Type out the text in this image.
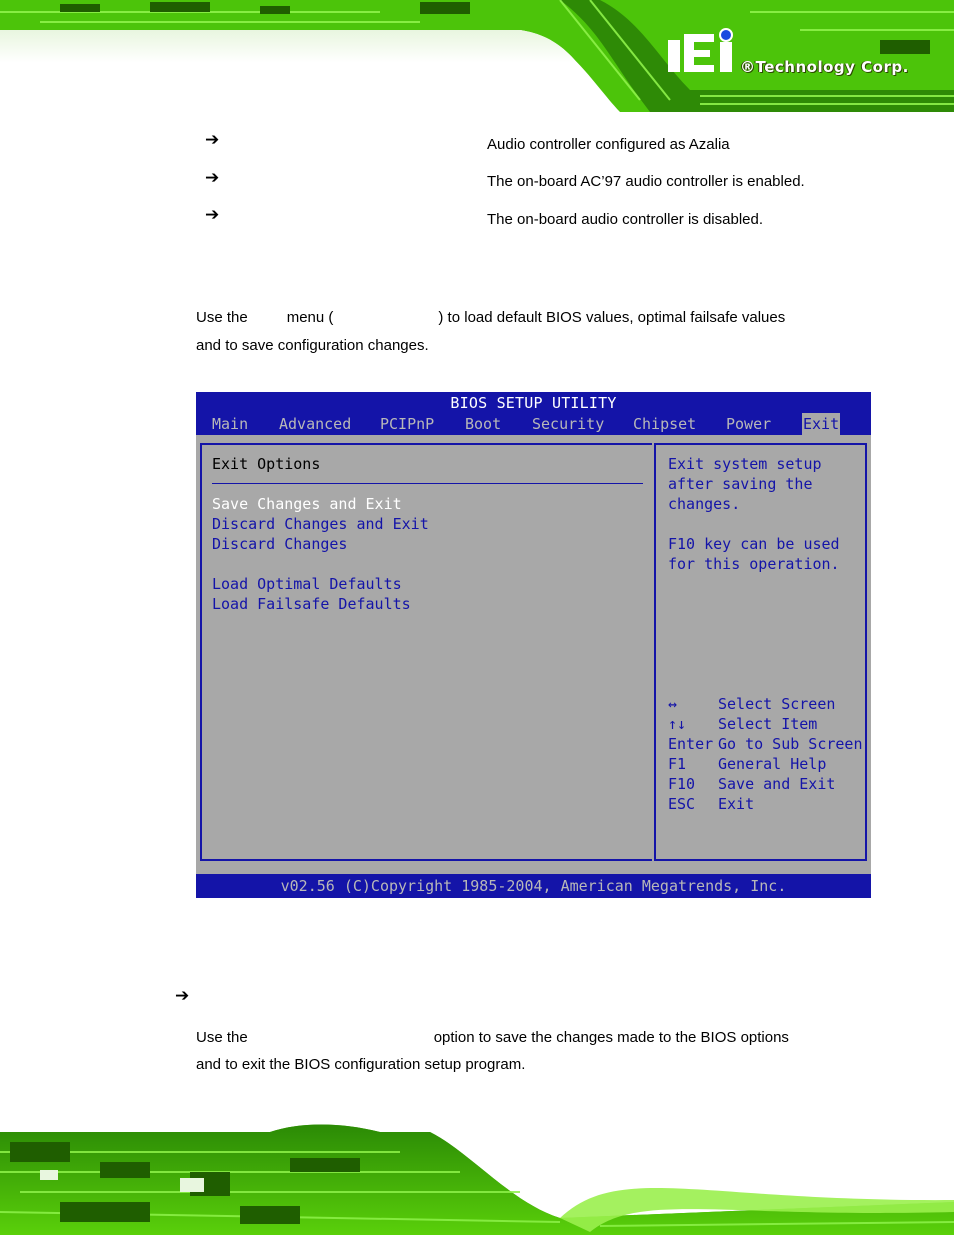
®Technology Corp.
➔	Audio controller configured as Azalia
➔	The on-board AC’97 audio controller is enabled.
➔	The on-board audio controller is disabled.
Use the	menu (	) to load default BIOS values, optimal failsafe values
and to save configuration changes.
BIOS SETUP UTILITY
Main Advanced PCIPnP Boot Security Chipset Power Exit
Exit Options
Save Changes and Exit
Discard Changes and Exit
Discard Changes
Load Optimal Defaults
Load Failsafe Defaults
Exit system setup
after saving the
changes.
F10 key can be used
for this operation.
↔	Select Screen
↑↓ Select Item
Enter Go to Sub Screen
F1 General Help
F10 Save and Exit
ESC Exit
v02.56 (C)Copyright 1985-2004, American Megatrends, Inc.
➔
Use the	option to save the changes made to the BIOS options
and to exit the BIOS configuration setup program.
